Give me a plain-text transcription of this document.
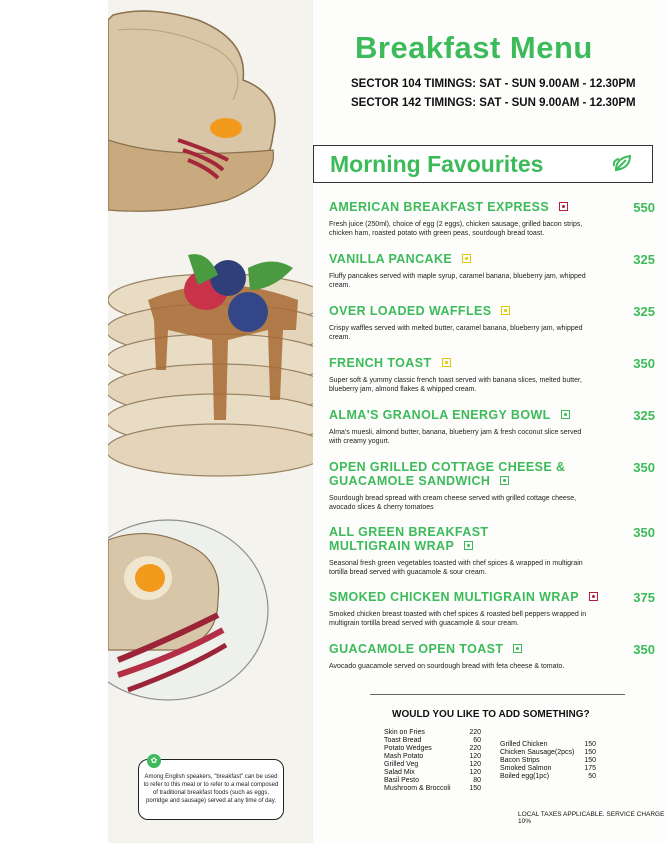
Breakfast Menu
SECTOR 104 TIMINGS: SAT - SUN 9.00AM - 12.30PM
SECTOR 142 TIMINGS: SAT - SUN 9.00AM - 12.30PM
Morning Favourites
AMERICAN BREAKFAST EXPRESS	550
Fresh juice (250ml), choice of egg (2 eggs), chicken sausage, grilled bacon strips, chicken ham, roasted potato with green peas, sourdough bread toast.
VANILLA PANCAKE	325
Fluffy pancakes served with maple syrup, caramel banana, blueberry jam, whipped cream.
OVER LOADED WAFFLES	325
Crispy waffles served with melted butter, caramel banana, blueberry jam, whipped cream.
FRENCH TOAST	350
Super soft & yummy classic french toast served with banana slices, melted butter, blueberry jam, almond flakes & whipped cream.
ALMA'S GRANOLA ENERGY BOWL	325
Alma's muesli, almond butter, banana, blueberry jam & fresh coconut slice served with creamy yogurt.
OPEN GRILLED COTTAGE CHEESE & GUACAMOLE SANDWICH
350
Sourdough bread spread with cream cheese served with grilled cottage cheese, avocado slices & cherry tomatoes
ALL GREEN BREAKFAST MULTIGRAIN WRAP
350
Seasonal fresh green vegetables toasted with chef spices & wrapped in multigrain tortilla bread served with guacamole & sour cream.
SMOKED CHICKEN MULTIGRAIN WRAP	375
Smoked chicken breast toasted with chef spices & roasted bell peppers wrapped in multigrain tortilla bread served with guacamole & sour cream.
GUACAMOLE OPEN TOAST	350
Avocado guacamole served on sourdough bread with feta cheese & tomato.
WOULD YOU LIKE TO ADD SOMETHING?
Skin on Fries	220
Toast Bread	60
Potato Wedges	220
Mash Potato	120
Grilled Veg	120
Salad Mix	120
Basil Pesto	80
Mushroom & Broccoli	150
Grilled Chicken	150
Chicken Sausage(2pcs) 150
Bacon Strips	150
Smoked Salmon	175
Boiled egg(1pc)	50
LOCAL TAXES APPLICABLE. SERVICE CHARGE 10%
✿
Among English speakers, "breakfast" can be used to refer to this meal or to refer to a meal composed of traditional breakfast foods (such as eggs, porridge and sausage) served at any time of day.
